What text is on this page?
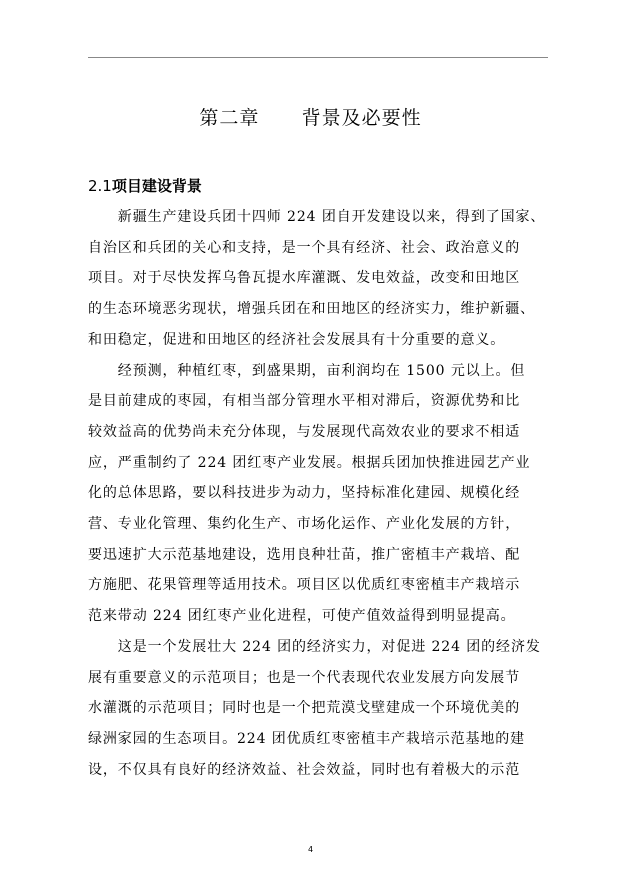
第二章      背景及必要性
2.1项目建设背景
　　新疆生产建设兵团十四师 224 团自开发建设以来，得到了国家、
自治区和兵团的关心和支持，是一个具有经济、社会、政治意义的
项目。对于尽快发挥乌鲁瓦提水库灌溉、发电效益，改变和田地区
的生态环境恶劣现状，增强兵团在和田地区的经济实力，维护新疆、
和田稳定，促进和田地区的经济社会发展具有十分重要的意义。
　　经预测，种植红枣，到盛果期，亩利润均在 1500 元以上。但
是目前建成的枣园，有相当部分管理水平相对滞后，资源优势和比
较效益高的优势尚未充分体现，与发展现代高效农业的要求不相适
应，严重制约了 224 团红枣产业发展。根据兵团加快推进园艺产业
化的总体思路，要以科技进步为动力，坚持标准化建园、规模化经
营、专业化管理、集约化生产、市场化运作、产业化发展的方针，
要迅速扩大示范基地建设，选用良种壮苗，推广密植丰产栽培、配
方施肥、花果管理等适用技术。项目区以优质红枣密植丰产栽培示
范来带动 224 团红枣产业化进程，可使产值效益得到明显提高。
　　这是一个发展壮大 224 团的经济实力，对促进 224 团的经济发
展有重要意义的示范项目；也是一个代表现代农业发展方向发展节
水灌溉的示范项目；同时也是一个把荒漠戈壁建成一个环境优美的
绿洲家园的生态项目。224 团优质红枣密植丰产栽培示范基地的建
设，不仅具有良好的经济效益、社会效益，同时也有着极大的示范
4
